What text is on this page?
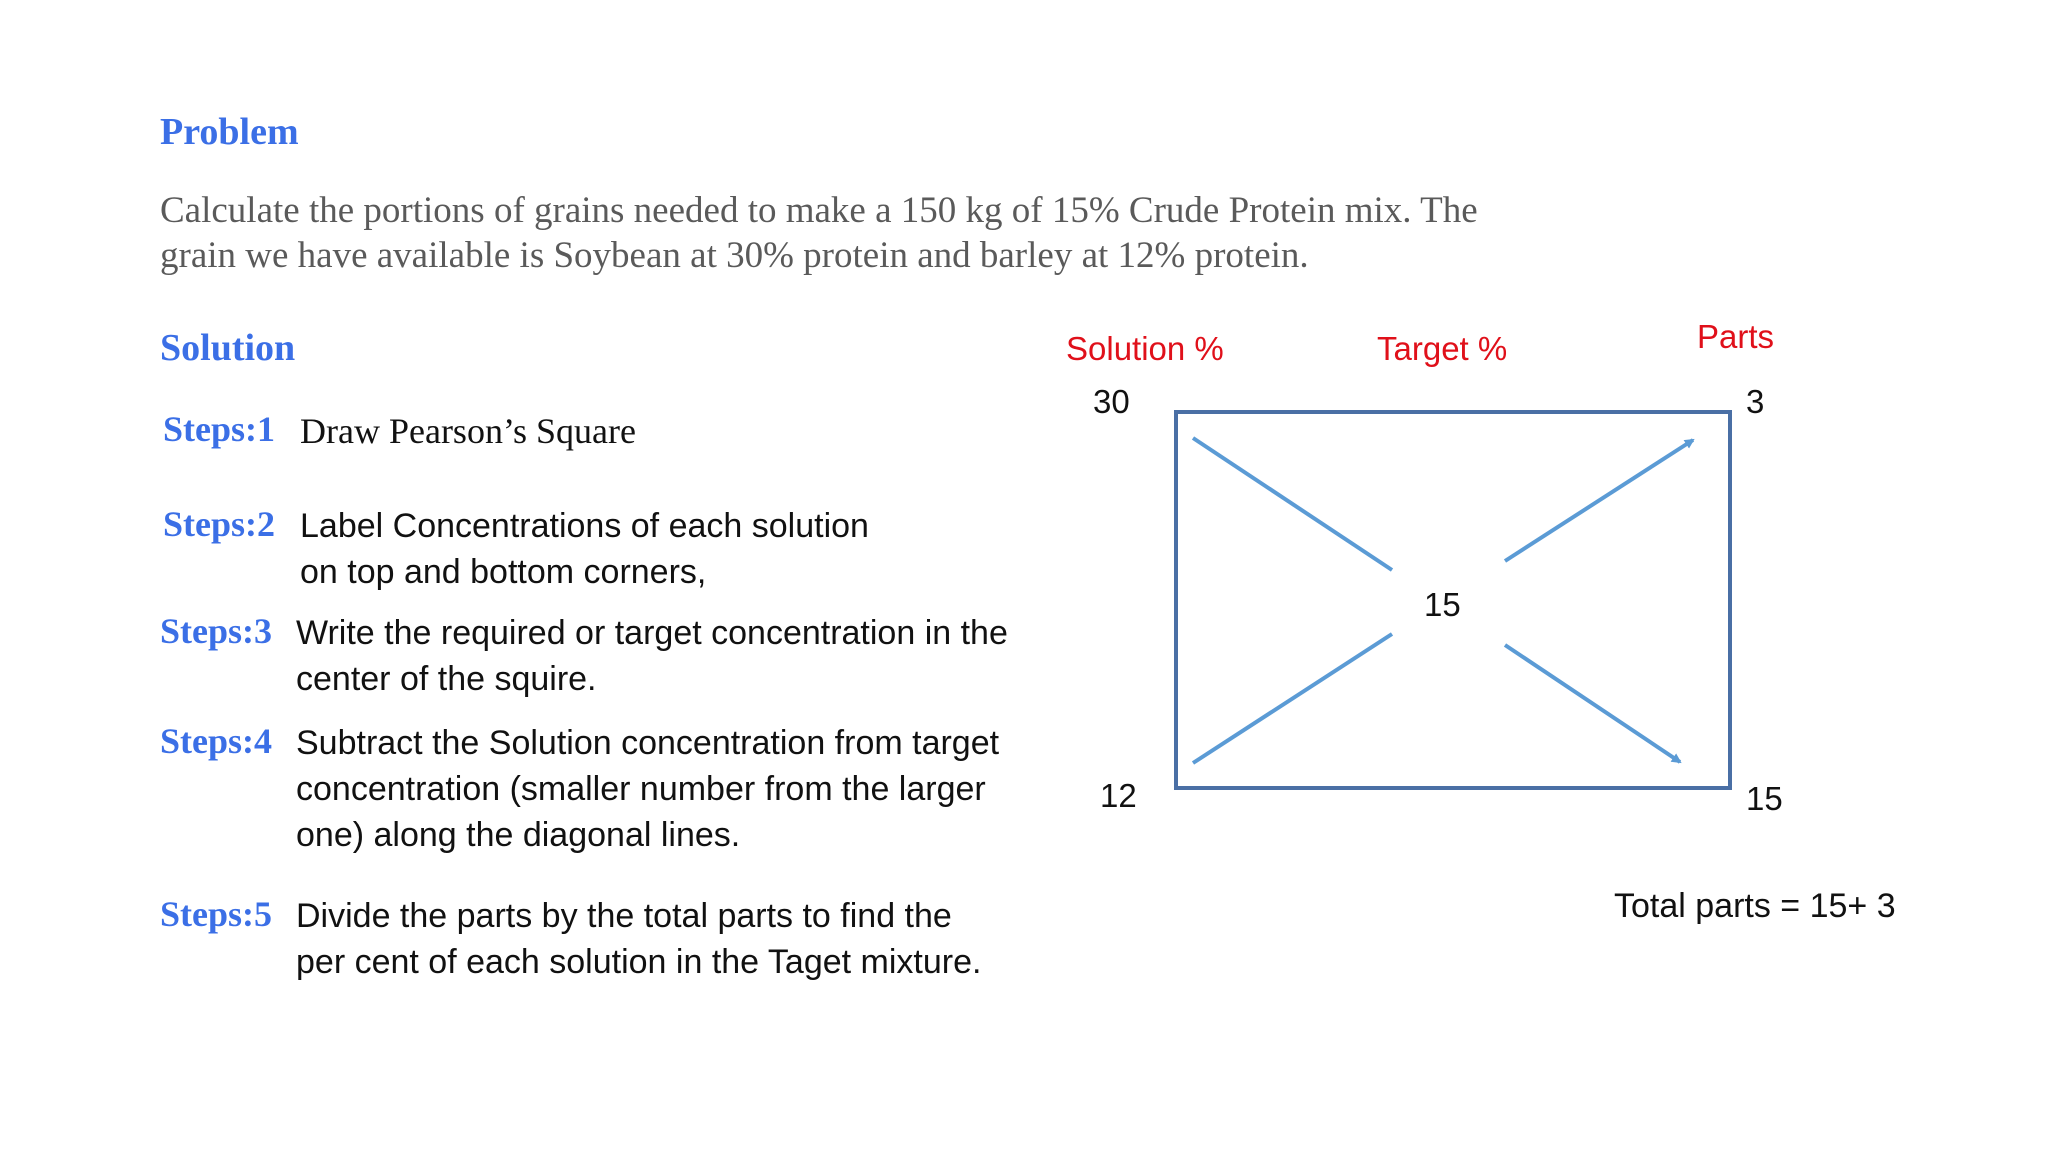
Problem
Calculate the portions of grains needed to make a 150 kg of 15% Crude Protein mix. The
grain we have available is Soybean at 30% protein and barley at 12% protein.
Solution
Steps:1 Draw Pearson’s Square
Steps:2 Label Concentrations of each solution
on top and bottom corners,
Steps:3 Write the required or target concentration in the
center of the squire.
Steps:4 Subtract the Solution concentration from target
concentration (smaller number from the larger
one) along the diagonal lines.
Steps:5 Divide the parts by the total parts to find the
per cent of each solution in the Taget mixture.
Solution %	Target %	Parts
30
12
15
3
15
Total parts = 15+ 3
